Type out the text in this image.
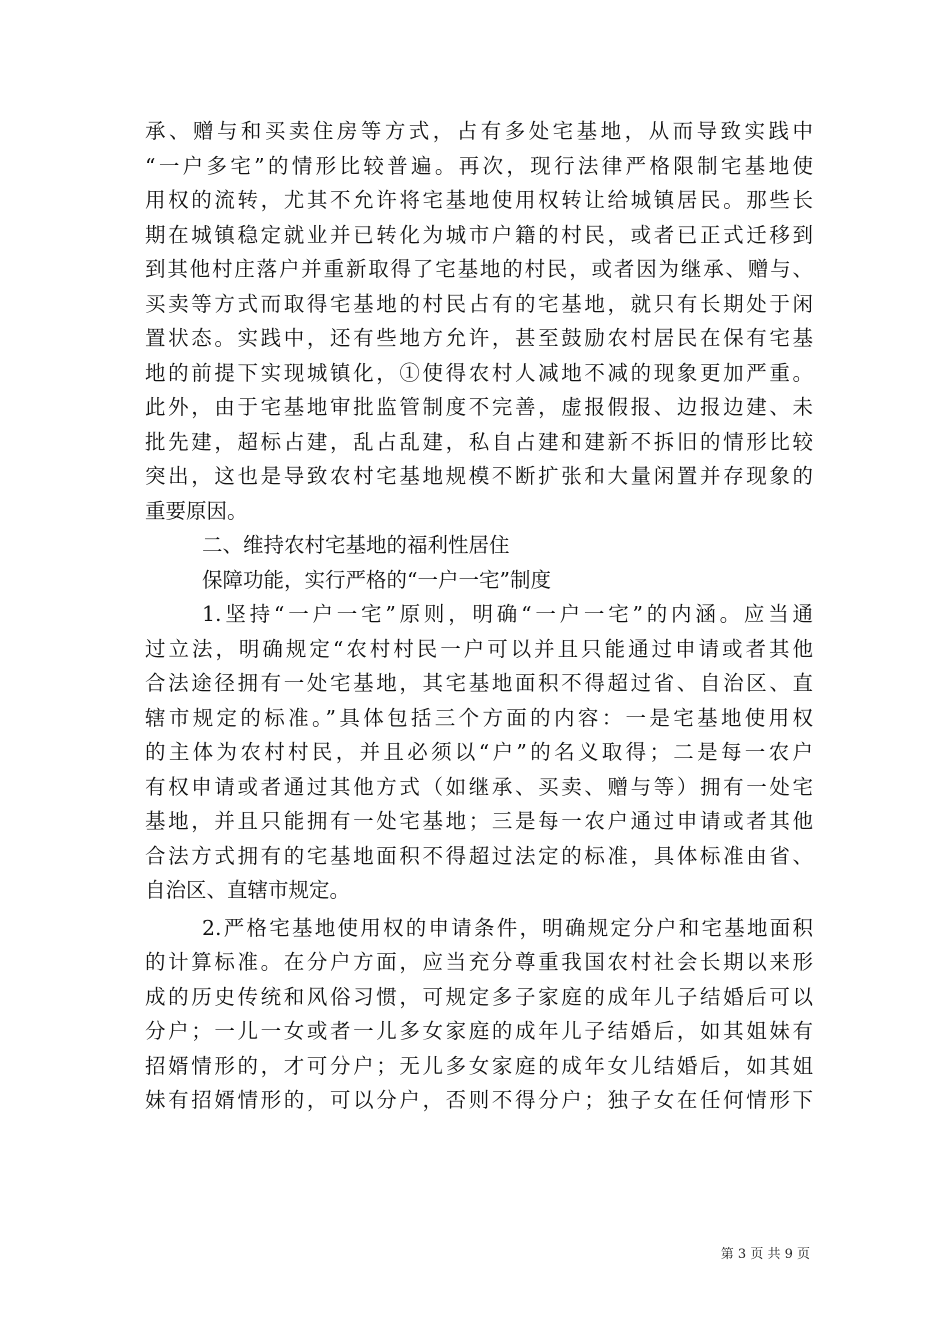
承、赠与和买卖住房等方式，占有多处宅基地，从而导致实践中
“一户多宅”的情形比较普遍。再次，现行法律严格限制宅基地使
用权的流转，尤其不允许将宅基地使用权转让给城镇居民。那些长
期在城镇稳定就业并已转化为城市户籍的村民，或者已正式迁移到
到其他村庄落户并重新取得了宅基地的村民，或者因为继承、赠与、
买卖等方式而取得宅基地的村民占有的宅基地，就只有长期处于闲
置状态。实践中，还有些地方允许，甚至鼓励农村居民在保有宅基
地的前提下实现城镇化，①使得农村人减地不减的现象更加严重。
此外，由于宅基地审批监管制度不完善，虚报假报、边报边建、未
批先建，超标占建，乱占乱建，私自占建和建新不拆旧的情形比较
突出，这也是导致农村宅基地规模不断扩张和大量闲置并存现象的
重要原因。
二、维持农村宅基地的福利性居住
保障功能，实行严格的“一户一宅”制度
1.坚持“一户一宅”原则，明确“一户一宅”的内涵。应当通
过立法，明确规定“农村村民一户可以并且只能通过申请或者其他
合法途径拥有一处宅基地，其宅基地面积不得超过省、自治区、直
辖市规定的标准。”具体包括三个方面的内容：一是宅基地使用权
的主体为农村村民，并且必须以“户”的名义取得；二是每一农户
有权申请或者通过其他方式（如继承、买卖、赠与等）拥有一处宅
基地，并且只能拥有一处宅基地；三是每一农户通过申请或者其他
合法方式拥有的宅基地面积不得超过法定的标准，具体标准由省、
自治区、直辖市规定。
2.严格宅基地使用权的申请条件，明确规定分户和宅基地面积
的计算标准。在分户方面，应当充分尊重我国农村社会长期以来形
成的历史传统和风俗习惯，可规定多子家庭的成年儿子结婚后可以
分户；一儿一女或者一儿多女家庭的成年儿子结婚后，如其姐妹有
招婿情形的，才可分户；无儿多女家庭的成年女儿结婚后，如其姐
妹有招婿情形的，可以分户，否则不得分户；独子女在任何情形下
第 3 页 共 9 页
